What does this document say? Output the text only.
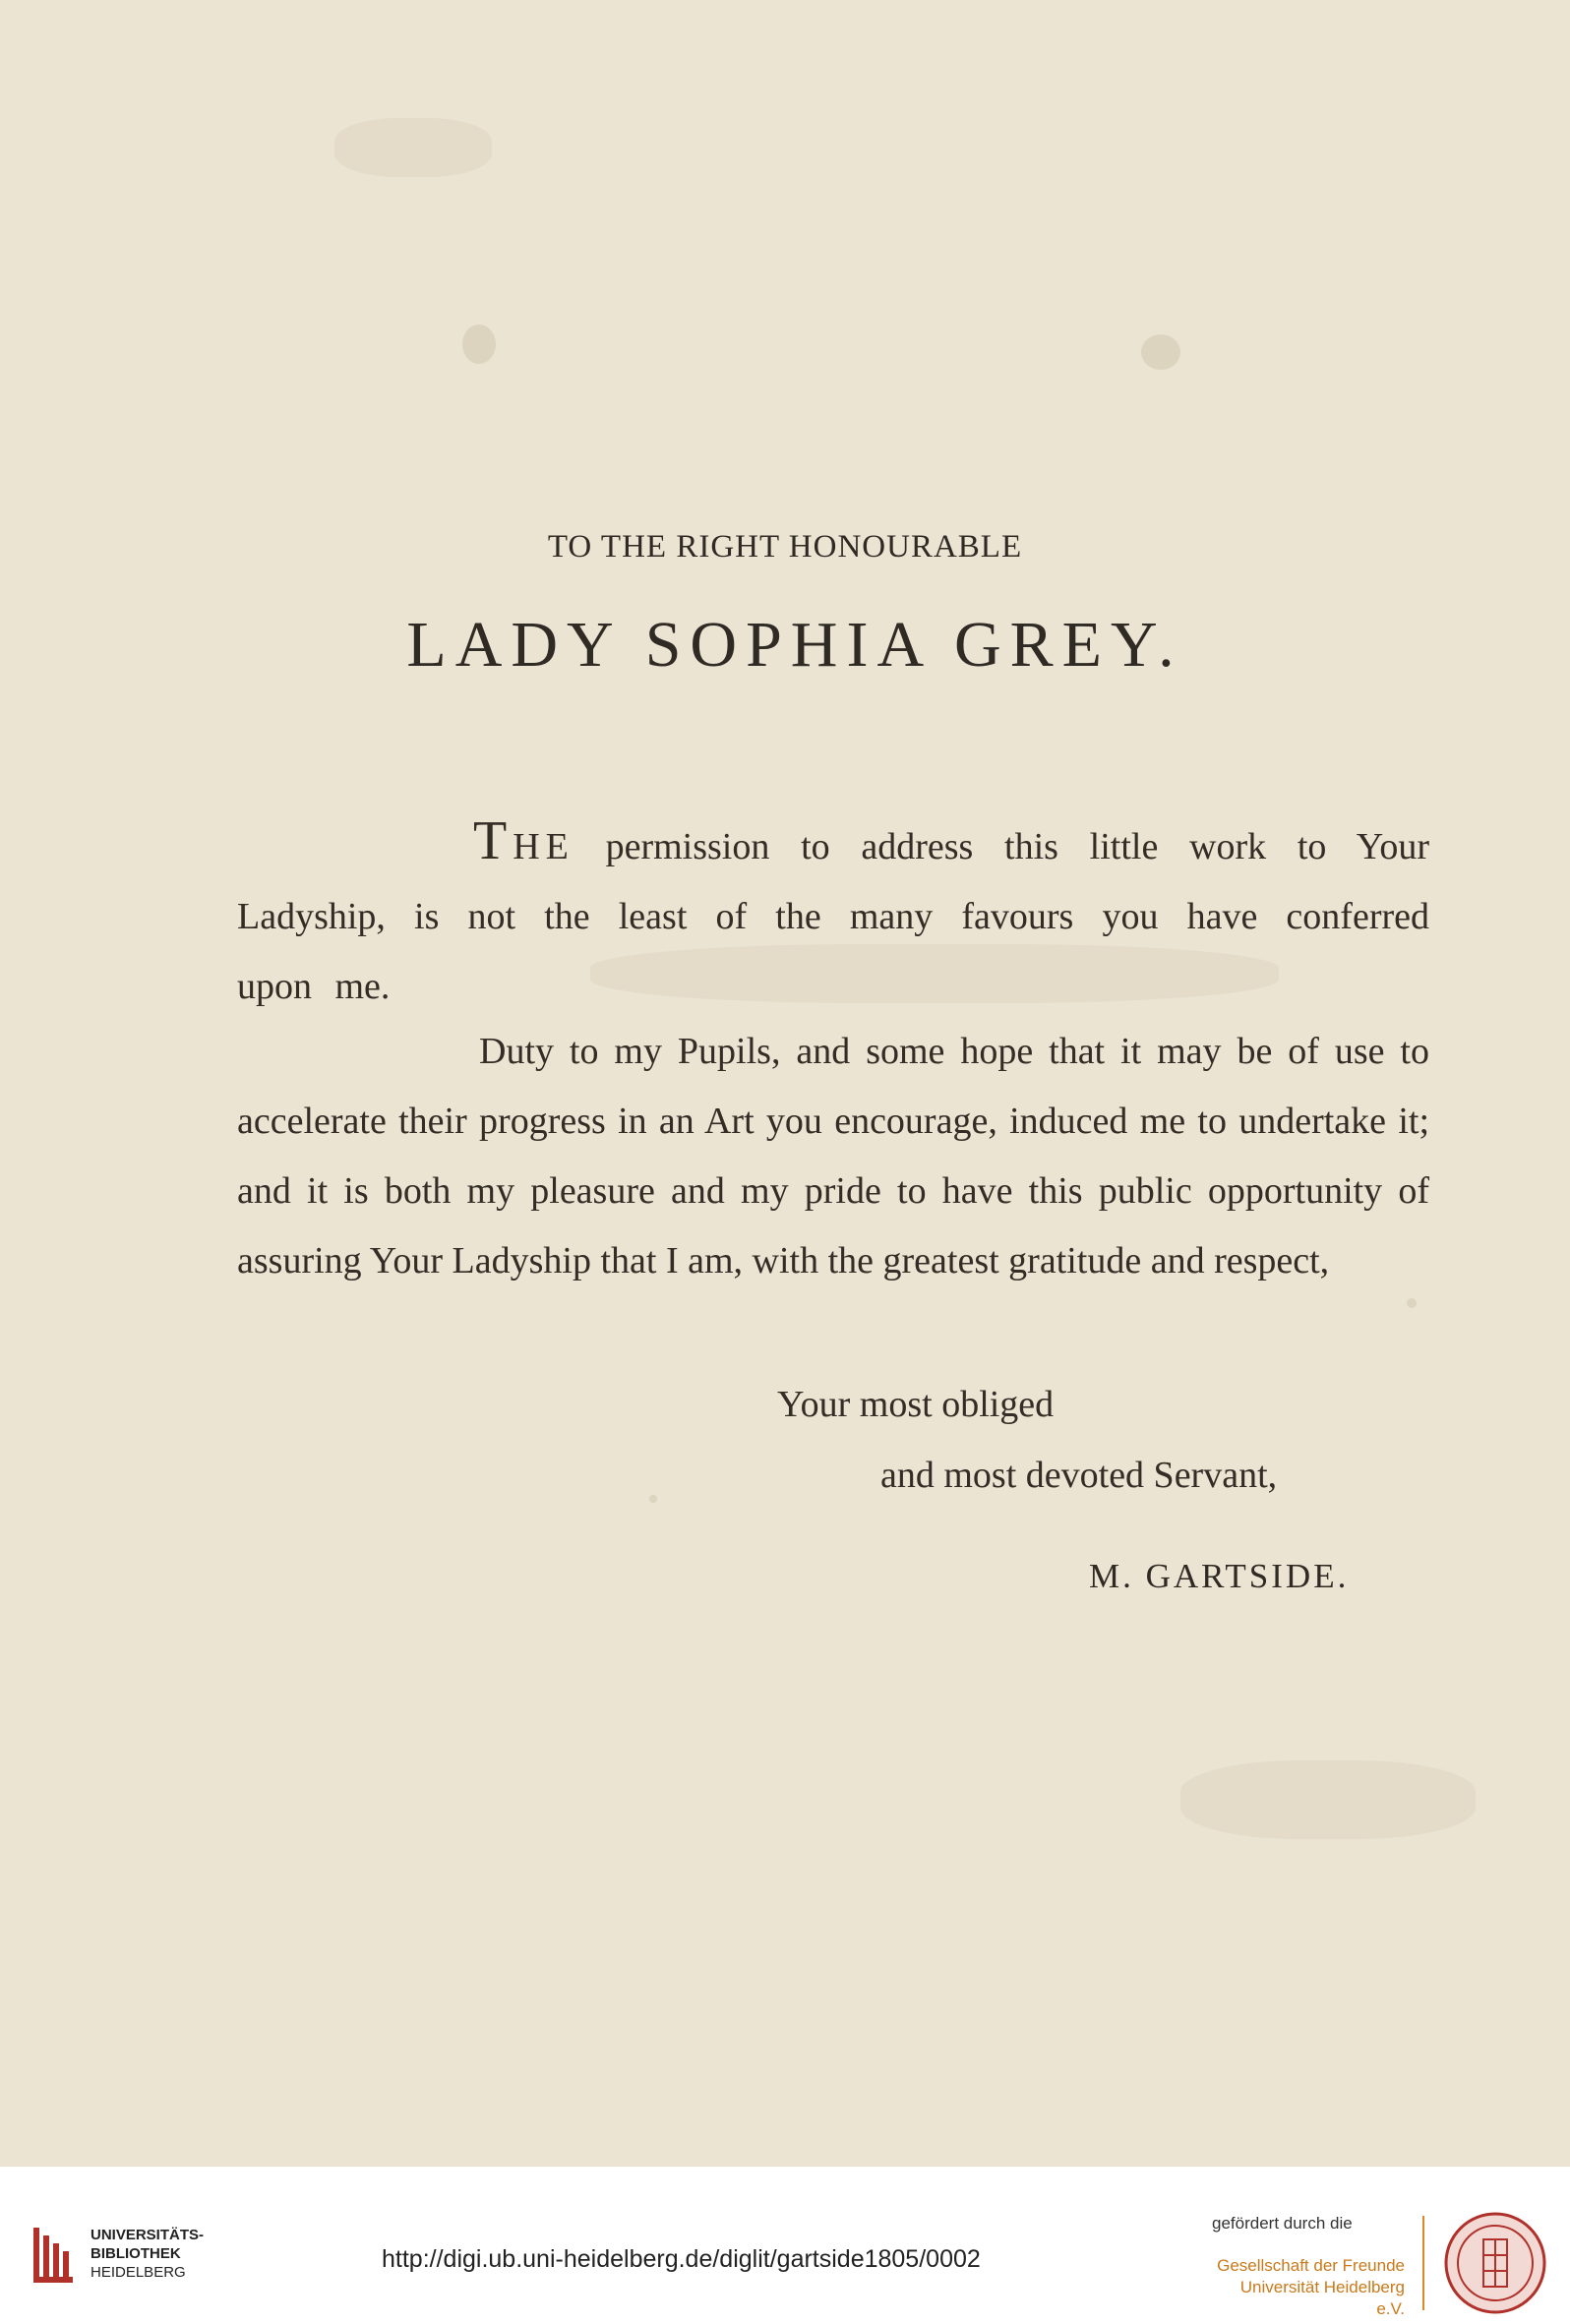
TO THE RIGHT HONOURABLE
LADY SOPHIA GREY.
THE permission to address this little work to Your Ladyship, is not the least of the many favours you have conferred upon me.
Duty to my Pupils, and some hope that it may be of use to accelerate their progress in an Art you encourage, induced me to undertake it; and it is both my pleasure and my pride to have this public opportunity of assuring Your Ladyship that I am, with the greatest gratitude and respect,
Your most obliged
and most devoted Servant,
M. GARTSIDE.
UNIVERSITÄTS-
BIBLIOTHEK
HEIDELBERG	http://digi.ub.uni-heidelberg.de/diglit/gartside1805/0002
gefördert durch die
Gesellschaft der Freunde
Universität Heidelberg e.V.
